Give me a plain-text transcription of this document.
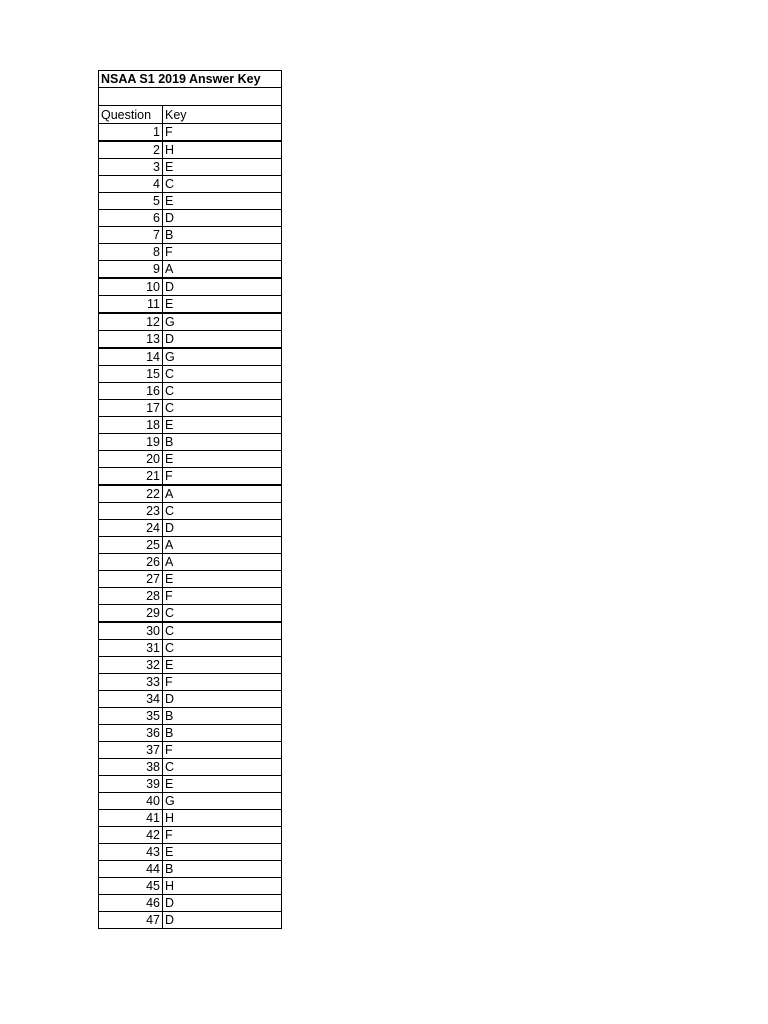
NSAA S1 2019 Answer Key	

Question	Key
1	F
2	H
3	E
4	C
5	E
6	D
7	B
8	F
9	A
10	D
11	E
12	G
13	D
14	G
15	C
16	C
17	C
18	E
19	B
20	E
21	F
22	A
23	C
24	D
25	A
26	A
27	E
28	F
29	C
30	C
31	C
32	E
33	F
34	D
35	B
36	B
37	F
38	C
39	E
40	G
41	H
42	F
43	E
44	B
45	H
46	D
47	D
